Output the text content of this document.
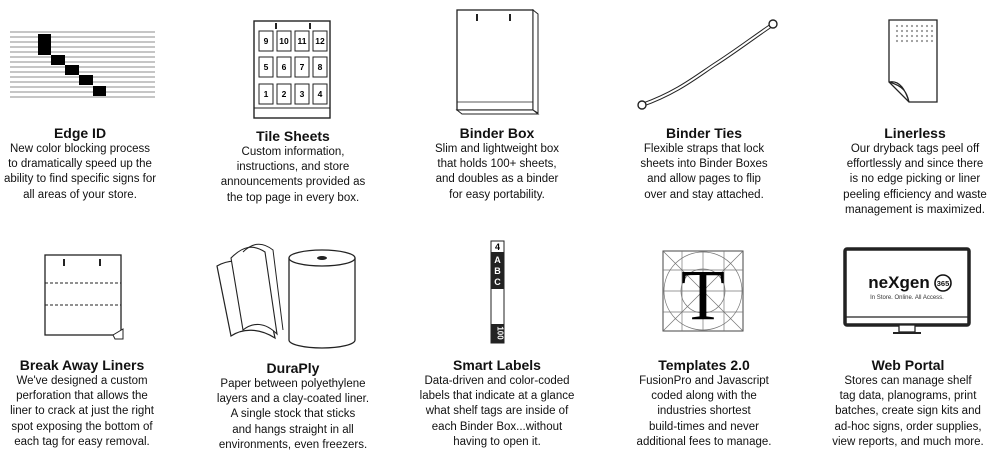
9 10 11 12
5 6 7 8
1 2 3 4
Edge ID
New color blocking process
to dramatically speed up the
ability to find specific signs for
all areas of your store.
Tile Sheets
Custom information,
instructions, and store
announcements provided as
the top page in every box.
Binder Box
Slim and lightweight box
that holds 100+ sheets,
and doubles as a binder
for easy portability.
Binder Ties
Flexible straps that lock
sheets into Binder Boxes
and allow pages to flip
over and stay attached.
Linerless
Our dryback tags peel off
effortlessly and since there
is no edge picking or liner
peeling efficiency and waste
management is maximized.
4
A
B
C
100 T	neXgen 365
In Store. Online. All Access.
Break Away Liners
We've designed a custom
perforation that allows the
liner to crack at just the right
spot exposing the bottom of
each tag for easy removal.
DuraPly
Paper between polyethylene
layers and a clay-coated liner.
A single stock that sticks
and hangs straight in all
environments, even freezers.
Smart Labels
Data-driven and color-coded
labels that indicate at a glance
what shelf tags are inside of
each Binder Box...without
having to open it.
Templates 2.0
FusionPro and Javascript
coded along with the
industries shortest
build-times and never
additional fees to manage.
Web Portal
Stores can manage shelf
tag data, planograms, print
batches, create sign kits and
ad-hoc signs, order supplies,
view reports, and much more.
